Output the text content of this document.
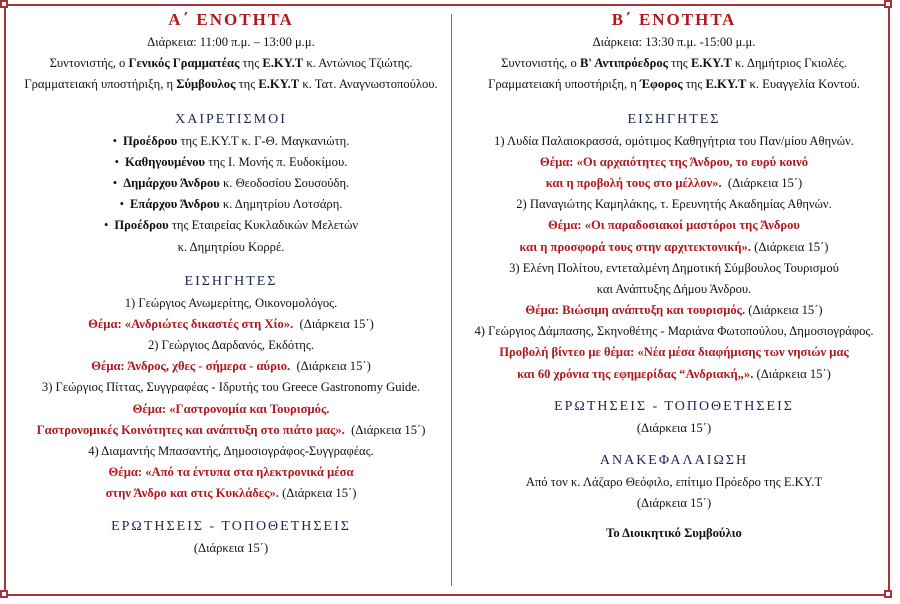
Α΄ ΕΝΟΤΗΤΑ
Διάρκεια: 11:00 π.μ. – 13:00 μ.μ.
Συντονιστής, ο Γενικός Γραμματέας της Ε.ΚΥ.Τ κ. Αντώνιος Τζιώτης.
Γραμματειακή υποστήριξη, η Σύμβουλος της Ε.ΚΥ.Τ κ. Τατ. Αναγνωστοπούλου.
ΧΑΙΡΕΤΙΣΜΟΙ
• Προέδρου της Ε.ΚΥ.Τ κ. Γ-Θ. Μαγκανιώτη.
• Καθηγουμένου της Ι. Μονής π. Ευδοκίμου.
• Δημάρχου Άνδρου κ. Θεοδοσίου Σουσούδη.
• Επάρχου Άνδρου κ. Δημητρίου Λοτσάρη.
• Προέδρου της Εταιρείας Κυκλαδικών Μελετών
κ. Δημητρίου Κορρέ.
ΕΙΣΗΓΗΤΕΣ
1) Γεώργιος Ανωμερίτης, Οικονομολόγος.
Θέμα: «Ανδριώτες δικαστές στη Χίο». (Διάρκεια 15΄)
2) Γεώργιος Δαρδανός, Εκδότης.
Θέμα: Άνδρος, χθες - σήμερα - αύριο. (Διάρκεια 15΄)
3) Γεώργιος Πίττας, Συγγραφέας - Ιδρυτής του Greece Gastronomy Guide.
Θέμα: «Γαστρονομία και Τουρισμός.
Γαστρονομικές Κοινότητες και ανάπτυξη στο πιάτο μας». (Διάρκεια 15΄)
4) Διαμαντής Μπασαντής, Δημοσιογράφος-Συγγραφέας.
Θέμα: «Από τα έντυπα στα ηλεκτρονικά μέσα
στην Άνδρο και στις Κυκλάδες». (Διάρκεια 15΄)
ΕΡΩΤΗΣΕΙΣ - ΤΟΠΟΘΕΤΗΣΕΙΣ
(Διάρκεια 15΄)
Β΄ ΕΝΟΤΗΤΑ
Διάρκεια: 13:30 π.μ. -15:00 μ.μ.
Συντονιστής, ο Β' Αντιπρόεδρος της Ε.ΚΥ.Τ κ. Δημήτριος Γκιολές.
Γραμματειακή υποστήριξη, η Έφορος της Ε.ΚΥ.Τ κ. Ευαγγελία Κοντού.
ΕΙΣΗΓΗΤΕΣ
1) Λυδία Παλαιοκρασσά, ομότιμος Καθηγήτρια του Παν/μίου Αθηνών.
Θέμα: «Οι αρχαιότητες της Άνδρου, το ευρύ κοινό
και η προβολή τους στο μέλλον». (Διάρκεια 15΄)
2) Παναγιώτης Καμηλάκης, τ. Ερευνητής Ακαδημίας Αθηνών.
Θέμα: «Οι παραδοσιακοί μαστόροι της Άνδρου
και η προσφορά τους στην αρχιτεκτονική». (Διάρκεια 15΄)
3) Ελένη Πολίτου, εντεταλμένη Δημοτική Σύμβουλος Τουρισμού
και Ανάπτυξης Δήμου Άνδρου.
Θέμα: Βιώσιμη ανάπτυξη και τουρισμός. (Διάρκεια 15΄)
4) Γεώργιος Δάμπασης, Σκηνοθέτης - Μαριάνα Φωτοπούλου, Δημοσιογράφος.
Προβολή βίντεο με θέμα: «Νέα μέσα διαφήμισης των νησιών μας
και 60 χρόνια της εφημερίδας “Ανδριακή„». (Διάρκεια 15΄)
ΕΡΩΤΗΣΕΙΣ - ΤΟΠΟΘΕΤΗΣΕΙΣ
(Διάρκεια 15΄)
ΑΝΑΚΕΦΑΛΑΙΩΣΗ
Από τον κ. Λάζαρο Θεόφιλο, επίτιμο Πρόεδρο της Ε.ΚΥ.Τ
(Διάρκεια 15΄)
Το Διοικητικό Συμβούλιο
